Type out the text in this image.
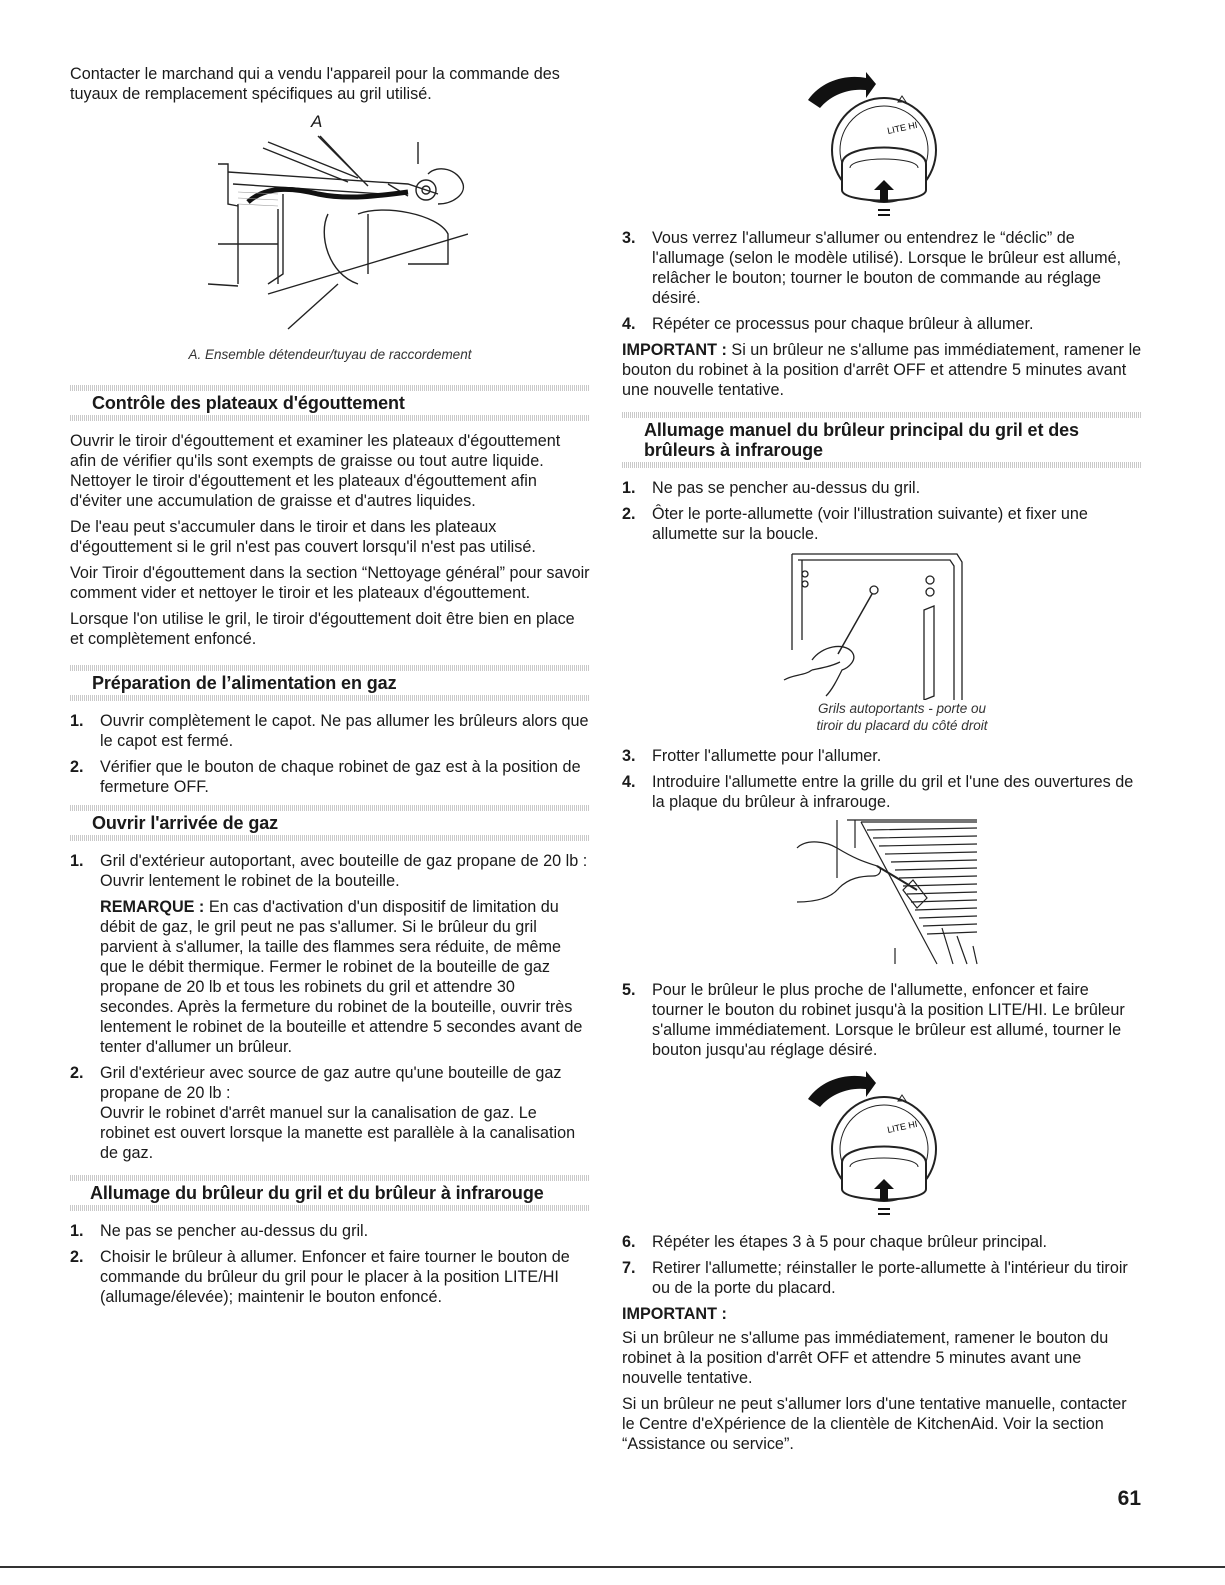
Contacter le marchand qui a vendu l'appareil pour la commande des tuyaux de remplacement spécifiques au gril utilisé.

A
A. Ensemble détendeur/tuyau de raccordement
Contrôle des plateaux d'égouttement

Ouvrir le tiroir d'égouttement et examiner les plateaux d'égouttement afin de vérifier qu'ils sont exempts de graisse ou tout autre liquide. Nettoyer le tiroir d'égouttement et les plateaux d'égouttement afin d'éviter une accumulation de graisse et d'autres liquides.

De l'eau peut s'accumuler dans le tiroir et dans les plateaux d'égouttement si le gril n'est pas couvert lorsqu'il n'est pas utilisé.

Voir Tiroir d'égouttement dans la section “Nettoyage général” pour savoir comment vider et nettoyer le tiroir et les plateaux d'égouttement.

Lorsque l'on utilise le gril, le tiroir d'égouttement doit être bien en place et complètement enfoncé.

Préparation de l’alimentation en gaz
1. Ouvrir complètement le capot. Ne pas allumer les brûleurs alors que le capot est fermé.
2. Vérifier que le bouton de chaque robinet de gaz est à la position de fermeture OFF.
Ouvrir l'arrivée de gaz
1. Gril d'extérieur autoportant, avec bouteille de gaz propane de 20 lb : Ouvrir lentement le robinet de la bouteille.

REMARQUE : En cas d'activation d'un dispositif de limitation du débit de gaz, le gril peut ne pas s'allumer. Si le brûleur du gril parvient à s'allumer, la taille des flammes sera réduite, de même que le débit thermique. Fermer le robinet de la bouteille de gaz propane de 20 lb et tous les robinets du gril et attendre 30 secondes. Après la fermeture du robinet de la bouteille, ouvrir très lentement le robinet de la bouteille et attendre 5 secondes avant de tenter d'allumer un brûleur.

2. Gril d'extérieur avec source de gaz autre qu'une bouteille de gaz propane de 20 lb :
Ouvrir le robinet d'arrêt manuel sur la canalisation de gaz. Le robinet est ouvert lorsque la manette est parallèle à la canalisation de gaz.
Allumage du brûleur du gril et du brûleur à infrarouge
1. Ne pas se pencher au-dessus du gril.
2. Choisir le brûleur à allumer. Enfoncer et faire tourner le bouton de commande du brûleur du gril pour le placer à la position LITE/HI (allumage/élevée); maintenir le bouton enfoncé.
LITE HI
3. Vous verrez l'allumeur s'allumer ou entendrez le “déclic” de l'allumage (selon le modèle utilisé). Lorsque le brûleur est allumé, relâcher le bouton; tourner le bouton de commande au réglage désiré.
4. Répéter ce processus pour chaque brûleur à allumer.

IMPORTANT : Si un brûleur ne s'allume pas immédiatement, ramener le bouton du robinet à la position d'arrêt OFF et attendre 5 minutes avant une nouvelle tentative.

Allumage manuel du brûleur principal du gril et des brûleurs à infrarouge
1. Ne pas se pencher au-dessus du gril.
2. Ôter le porte-allumette (voir l'illustration suivante) et fixer une allumette sur la boucle.
Grils autoportants - porte ou
tiroir du placard du côté droit
3. Frotter l'allumette pour l'allumer.
4. Introduire l'allumette entre la grille du gril et l'une des ouvertures de la plaque du brûleur à infrarouge.
5. Pour le brûleur le plus proche de l'allumette, enfoncer et faire tourner le bouton du robinet jusqu'à la position LITE/HI. Le brûleur s'allume immédiatement. Lorsque le brûleur est allumé, tourner le bouton jusqu'au réglage désiré.
LITE HI
6. Répéter les étapes 3 à 5 pour chaque brûleur principal.
7. Retirer l'allumette; réinstaller le porte-allumette à l'intérieur du tiroir ou de la porte du placard.

IMPORTANT :

Si un brûleur ne s'allume pas immédiatement, ramener le bouton du robinet à la position d'arrêt OFF et attendre 5 minutes avant une nouvelle tentative.

Si un brûleur ne peut s'allumer lors d'une tentative manuelle, contacter le Centre d'eXpérience de la clientèle de KitchenAid. Voir la section “Assistance ou service”.

61
